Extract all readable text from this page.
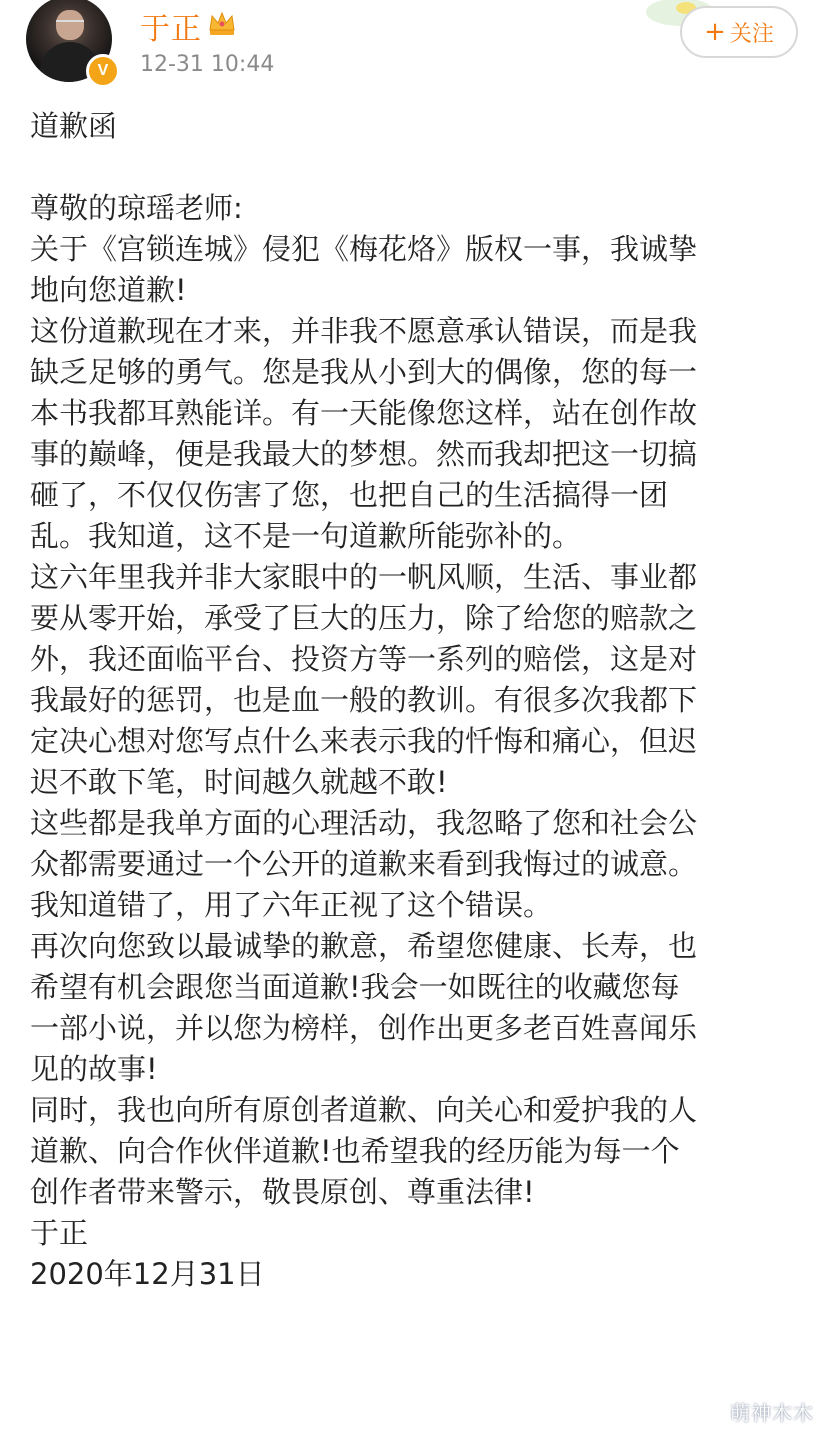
V
于正
12-31 10:44
+ 关注
道歉函
尊敬的琼瑶老师:
关于《宫锁连城》侵犯《梅花烙》版权一事，我诚挚
地向您道歉!
这份道歉现在才来，并非我不愿意承认错误，而是我
缺乏足够的勇气。您是我从小到大的偶像，您的每一
本书我都耳熟能详。有一天能像您这样，站在创作故
事的巅峰，便是我最大的梦想。然而我却把这一切搞
砸了，不仅仅伤害了您，也把自己的生活搞得一团
乱。我知道，这不是一句道歉所能弥补的。
这六年里我并非大家眼中的一帆风顺，生活、事业都
要从零开始，承受了巨大的压力，除了给您的赔款之
外，我还面临平台、投资方等一系列的赔偿，这是对
我最好的惩罚，也是血一般的教训。有很多次我都下
定决心想对您写点什么来表示我的忏悔和痛心，但迟
迟不敢下笔，时间越久就越不敢!
这些都是我单方面的心理活动，我忽略了您和社会公
众都需要通过一个公开的道歉来看到我悔过的诚意。
我知道错了，用了六年正视了这个错误。
再次向您致以最诚挚的歉意，希望您健康、长寿，也
希望有机会跟您当面道歉!我会一如既往的收藏您每
一部小说，并以您为榜样，创作出更多老百姓喜闻乐
见的故事!
同时，我也向所有原创者道歉、向关心和爱护我的人
道歉、向合作伙伴道歉!也希望我的经历能为每一个
创作者带来警示，敬畏原创、尊重法律!
于正
2020年12月31日
萌神木木
